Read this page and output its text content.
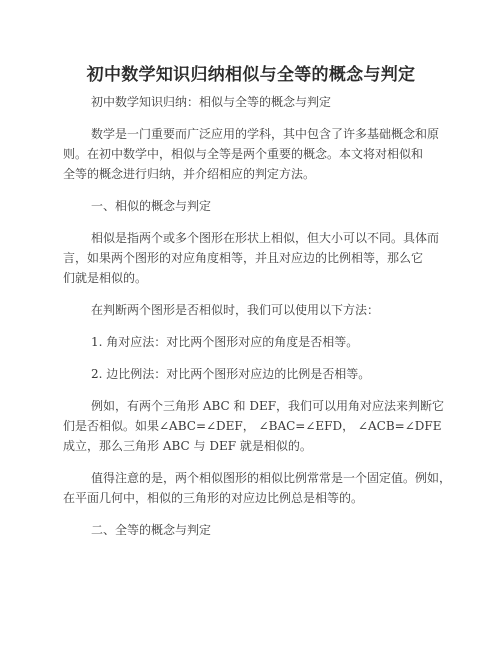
初中数学知识归纳相似与全等的概念与判定
初中数学知识归纳：相似与全等的概念与判定
数学是一门重要而广泛应用的学科，其中包含了许多基础概念和原
则。在初中数学中，相似与全等是两个重要的概念。本文将对相似和
全等的概念进行归纳，并介绍相应的判定方法。
一、相似的概念与判定
相似是指两个或多个图形在形状上相似，但大小可以不同。具体而
言，如果两个图形的对应角度相等，并且对应边的比例相等，那么它
们就是相似的。
在判断两个图形是否相似时，我们可以使用以下方法：
1. 角对应法：对比两个图形对应的角度是否相等。
2. 边比例法：对比两个图形对应边的比例是否相等。
例如，有两个三角形 ABC 和 DEF，我们可以用角对应法来判断它
们是否相似。如果∠ABC=∠DEF， ∠BAC=∠EFD， ∠ACB=∠DFE
成立，那么三角形 ABC 与 DEF 就是相似的。
值得注意的是，两个相似图形的相似比例常常是一个固定值。例如，
在平面几何中，相似的三角形的对应边比例总是相等的。
二、全等的概念与判定
